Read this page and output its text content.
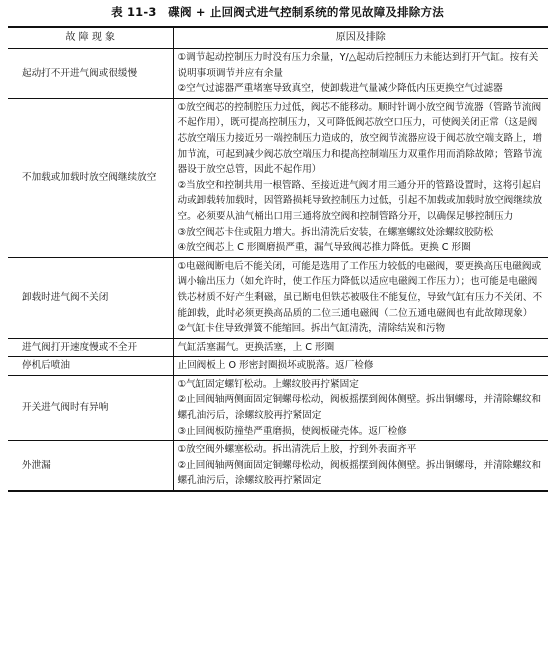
表 11-3　碟阀 + 止回阀式进气控制系统的常见故障及排除方法
故 障 现 象	原因及排除
起动打不开进气阀或很缓慢	①调节起动控制压力时没有压力余量，Y/△起动后控制压力未能达到打开气缸。按有关说明事项调节并应有余量
②空气过滤器严重堵塞导致真空，使卸载进气量减少降低内压更换空气过滤器

不加载或加载时放空阀继续放空	①放空阀芯的控制腔压力过低，阀芯不能移动。顺时针调小放空阀节流器（管路节流阀不起作用），既可提高控制压力，又可降低阀芯放空口压力，可使阀关闭正常（这是阀芯放空端压力接近另一端控制压力造成的，放空阀节流器应设于阀芯放空端支路上，增加节流，可起到减少阀芯放空端压力和提高控制端压力双重作用而消除故障；管路节流器设于放空总管，因此不起作用）
②当放空和控制共用一根管路、至接近进气阀才用三通分开的管路设置时，这将引起启动或卸载转加载时，因管路损耗导致控制压力过低，引起不加载或加载时放空阀继续放空。必须要从油气桶出口用三通将放空阀和控制管路分开，以确保足够控制压力
③放空阀芯卡住或阻力增大。拆出清洗后安装，在螺塞螺纹处涂螺纹胶防松
④放空阀芯上 C 形圈磨损严重，漏气导致阀芯推力降低。更换 C 形圈

卸载时进气阀不关闭	①电磁阀断电后不能关闭，可能是选用了工作压力较低的电磁阀，要更换高压电磁阀或调小输出压力（如允许时，使工作压力降低以适应电磁阀工作压力）；也可能是电磁阀铁芯材质不好产生剩磁，虽已断电但铁芯被吸住不能复位，导致气缸有压力不关闭、不能卸载，此时必须更换高品质的二位三通电磁阀（二位五通电磁阀也有此故障现象）
②气缸卡住导致弹簧不能缩回。拆出气缸清洗，清除结炭和污物

进气阀打开速度慢或不全开	气缸活塞漏气。更换活塞，上 C 形圈

停机后喷油	止回阀板上 O 形密封圈损坏或脱落。返厂检修

开关进气阀时有异响	①气缸固定螺钉松动。上螺纹胶再拧紧固定
②止回阀轴两侧面固定铜螺母松动，阀板摇摆到阀体侧壁。拆出铜螺母，并清除螺纹和螺孔油污后，涂螺纹胶再拧紧固定
③止回阀板防撞垫严重磨损，使阀板碰壳体。返厂检修

外泄漏	①放空阀外螺塞松动。拆出清洗后上胶，拧到外表面齐平
②止回阀轴两侧面固定铜螺母松动，阀板摇摆到阀体侧壁。拆出铜螺母，并清除螺纹和螺孔油污后，涂螺纹胶再拧紧固定
